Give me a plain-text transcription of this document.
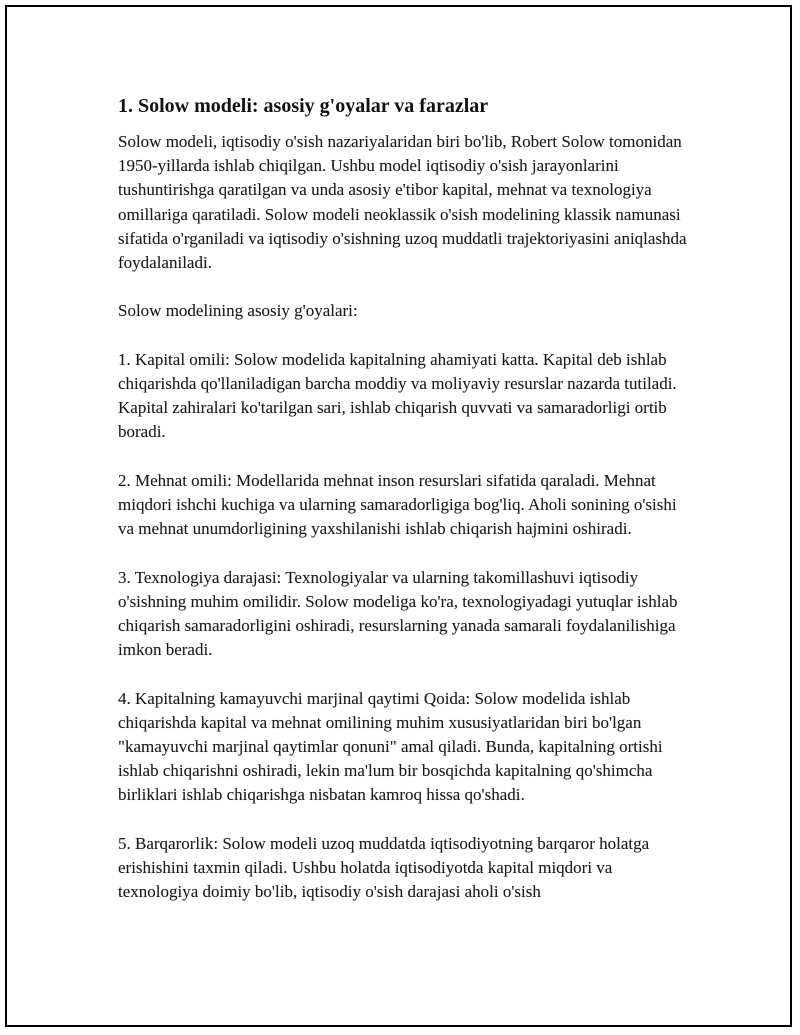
1. Solow modeli: asosiy g'oyalar va farazlar

Solow modeli, iqtisodiy o'sish nazariyalaridan biri bo'lib, Robert Solow tomonidan 1950-yillarda ishlab chiqilgan. Ushbu model iqtisodiy o'sish jarayonlarini tushuntirishga qaratilgan va unda asosiy e'tibor kapital, mehnat va texnologiya omillariga qaratiladi. Solow modeli neoklassik o'sish modelining klassik namunasi sifatida o'rganiladi va iqtisodiy o'sishning uzoq muddatli trajektoriyasini aniqlashda foydalaniladi.

Solow modelining asosiy g'oyalari:

1. Kapital omili: Solow modelida kapitalning ahamiyati katta. Kapital deb ishlab chiqarishda qo'llaniladigan barcha moddiy va moliyaviy resurslar nazarda tutiladi. Kapital zahiralari ko'tarilgan sari, ishlab chiqarish quvvati va samaradorligi ortib boradi.

2. Mehnat omili: Modellarida mehnat inson resurslari sifatida qaraladi. Mehnat miqdori ishchi kuchiga va ularning samaradorligiga bog'liq. Aholi sonining o'sishi va mehnat unumdorligining yaxshilanishi ishlab chiqarish hajmini oshiradi.

3. Texnologiya darajasi: Texnologiyalar va ularning takomillashuvi iqtisodiy o'sishning muhim omilidir. Solow modeliga ko'ra, texnologiyadagi yutuqlar ishlab chiqarish samaradorligini oshiradi, resurslarning yanada samarali foydalanilishiga imkon beradi.

4. Kapitalning kamayuvchi marjinal qaytimi Qoida: Solow modelida ishlab chiqarishda kapital va mehnat omilining muhim xususiyatlaridan biri bo'lgan "kamayuvchi marjinal qaytimlar qonuni" amal qiladi. Bunda, kapitalning ortishi ishlab chiqarishni oshiradi, lekin ma'lum bir bosqichda kapitalning qo'shimcha birliklari ishlab chiqarishga nisbatan kamroq hissa qo'shadi.

5. Barqarorlik: Solow modeli uzoq muddatda iqtisodiyotning barqaror holatga erishishini taxmin qiladi. Ushbu holatda iqtisodiyotda kapital miqdori va texnologiya doimiy bo'lib, iqtisodiy o'sish darajasi aholi o'sish
